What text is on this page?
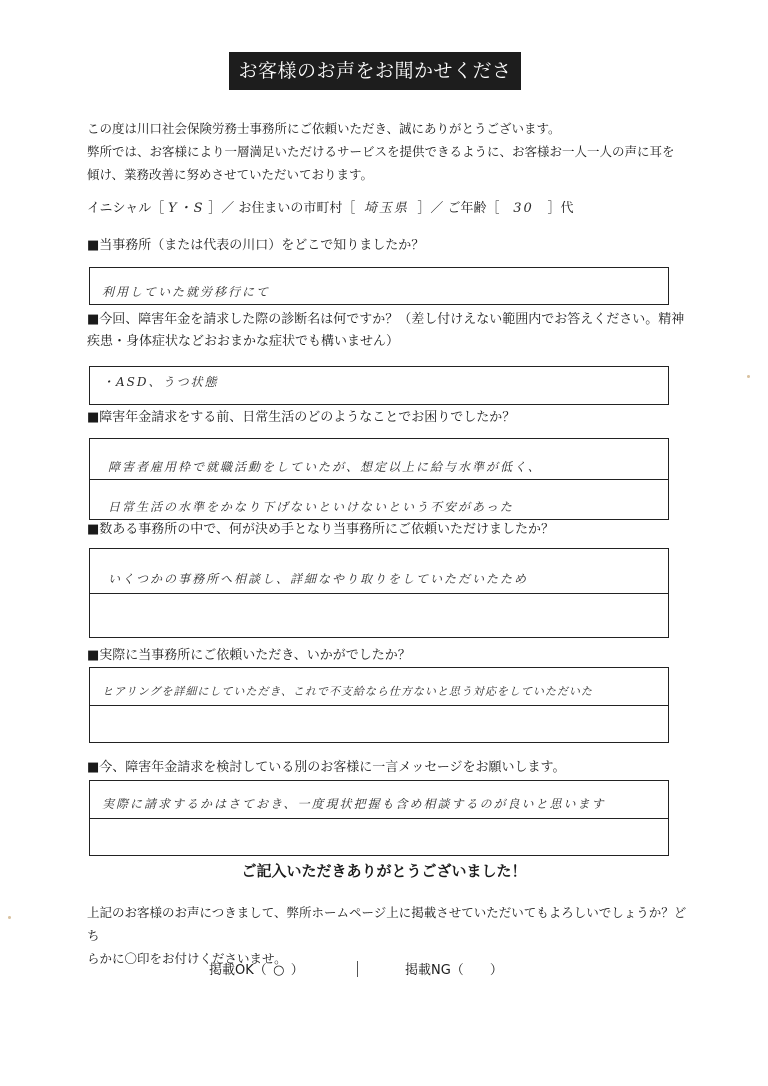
お客様のお声をお聞かせください

この度は川口社会保険労務士事務所にご依頼いただき、誠にありがとうございます。

弊所では、お客様により一層満足いただけるサービスを提供できるように、お客様お一人一人の声に耳を

傾け、業務改善に努めさせていただいております。

イニシャル［ Y・S ］／ お住まいの市町村［ 埼玉県 ］／ ご年齢［ 30 ］代
■当事務所（または代表の川口）をどこで知りましたか？
利用していた就労移行にて
■今回、障害年金を請求した際の診断名は何ですか？（差し付けえない範囲内でお答えください。精神疾患・身体症状などおおまかな症状でも構いません）
・ASD、うつ状態
■障害年金請求をする前、日常生活のどのようなことでお困りでしたか？
障害者雇用枠で就職活動をしていたが、想定以上に給与水準が低く、
日常生活の水準をかなり下げないといけないという不安があった
■数ある事務所の中で、何が決め手となり当事務所にご依頼いただけましたか？
いくつかの事務所へ相談し、詳細なやり取りをしていただいたため
■実際に当事務所にご依頼いただき、いかがでしたか？
ヒアリングを詳細にしていただき、これで不支給なら仕方ないと思う対応をしていただいた
■今、障害年金請求を検討している別のお客様に一言メッセージをお願いします。
実際に請求するかはさておき、一度現状把握も含め相談するのが良いと思います
ご記入いただきありがとうございました！
上記のお客様のお声につきまして、弊所ホームページ上に掲載させていただいてもよろしいでしょうか？どち
らかに〇印をお付けくださいませ。
掲載OK（ ○ ）	掲載NG（ ）
